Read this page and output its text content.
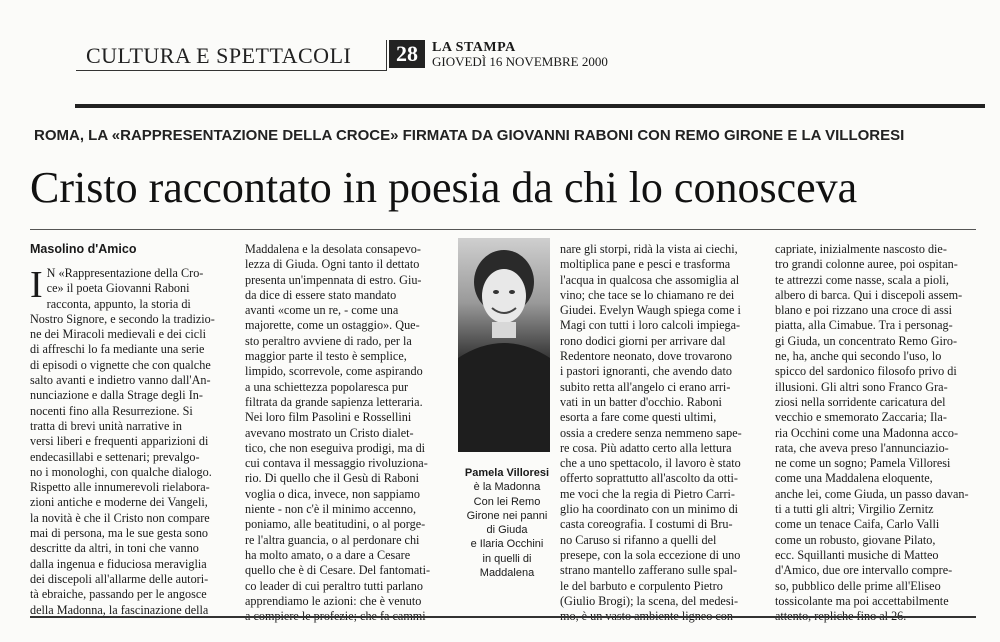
CULTURA E SPETTACOLI	28	LA STAMPA
GIOVEDÌ 16 NOVEMBRE 2000
ROMA, LA «RAPPRESENTAZIONE DELLA CROCE» FIRMATA DA GIOVANNI RABONI CON REMO GIRONE E LA VILLORESI
Cristo raccontato in poesia da chi lo conosceva
Masolino d'Amico
I N «Rappresentazione della Cro-

ce» il poeta Giovanni Raboni

racconta, appunto, la storia di

Nostro Signore, e secondo la tradizio-

ne dei Miracoli medievali e dei cicli

di affreschi lo fa mediante una serie

di episodi o vignette che con qualche

salto avanti e indietro vanno dall'An-

nunciazione e dalla Strage degli In-

nocenti fino alla Resurrezione. Si

tratta di brevi unità narrative in

versi liberi e frequenti apparizioni di

endecasillabi e settenari; prevalgo-

no i monologhi, con qualche dialogo.

Rispetto alle innumerevoli rielabora-

zioni antiche e moderne dei Vangeli,

la novità è che il Cristo non compare

mai di persona, ma le sue gesta sono

descritte da altri, in toni che vanno

dalla ingenua e fiduciosa meraviglia

dei discepoli all'allarme delle autori-

tà ebraiche, passando per le angosce

della Madonna, la fascinazione della

Maddalena e la desolata consapevo-

lezza di Giuda. Ogni tanto il dettato

presenta un'impennata di estro. Giu-

da dice di essere stato mandato

avanti «come un re, - come una

majorette, come un ostaggio». Que-

sto peraltro avviene di rado, per la

maggior parte il testo è semplice,

limpido, scorrevole, come aspirando

a una schiettezza popolaresca pur

filtrata da grande sapienza letteraria.

Nei loro film Pasolini e Rossellini

avevano mostrato un Cristo dialet-

tico, che non eseguiva prodigi, ma di

cui contava il messaggio rivoluziona-

rio. Di quello che il Gesù di Raboni

voglia o dica, invece, non sappiamo

niente - non c'è il minimo accenno,

poniamo, alle beatitudini, o al porge-

re l'altra guancia, o al perdonare chi

ha molto amato, o a dare a Cesare

quello che è di Cesare. Del fantomati-

co leader di cui peraltro tutti parlano

apprendiamo le azioni: che è venuto

a compiere le profezie; che fa cammi-

Pamela Villoresi
è la Madonna
Con lei Remo
Girone nei panni
di Giuda
e Ilaria Occhini
in quelli di
Maddalena

nare gli storpi, ridà la vista ai ciechi,

moltiplica pane e pesci e trasforma

l'acqua in qualcosa che assomiglia al

vino; che tace se lo chiamano re dei

Giudei. Evelyn Waugh spiega come i

Magi con tutti i loro calcoli impiega-

rono dodici giorni per arrivare dal

Redentore neonato, dove trovarono

i pastori ignoranti, che avendo dato

subito retta all'angelo ci erano arri-

vati in un batter d'occhio. Raboni

esorta a fare come questi ultimi,

ossia a credere senza nemmeno sape-

re cosa. Più adatto certo alla lettura

che a uno spettacolo, il lavoro è stato

offerto soprattutto all'ascolto da otti-

me voci che la regia di Pietro Carri-

glio ha coordinato con un minimo di

casta coreografia. I costumi di Bru-

no Caruso si rifanno a quelli del

presepe, con la sola eccezione di uno

strano mantello zafferano sulle spal-

le del barbuto e corpulento Pietro

(Giulio Brogi); la scena, del medesi-

mo, è un vasto ambiente ligneo con

capriate, inizialmente nascosto die-

tro grandi colonne auree, poi ospitan-

te attrezzi come nasse, scala a pioli,

albero di barca. Qui i discepoli assem-

blano e poi rizzano una croce di assi

piatta, alla Cimabue. Tra i personag-

gi Giuda, un concentrato Remo Giro-

ne, ha, anche qui secondo l'uso, lo

spicco del sardonico filosofo privo di

illusioni. Gli altri sono Franco Gra-

ziosi nella sorridente caricatura del

vecchio e smemorato Zaccaria; Ila-

ria Occhini come una Madonna acco-

rata, che aveva preso l'annunciazio-

ne come un sogno; Pamela Villoresi

come una Maddalena eloquente,

anche lei, come Giuda, un passo davan-

ti a tutti gli altri; Virgilio Zernitz

come un tenace Caifa, Carlo Valli

come un robusto, giovane Pilato,

ecc. Squillanti musiche di Matteo

d'Amico, due ore intervallo compre-

so, pubblico delle prime all'Eliseo

tossicolante ma poi accettabilmente

attento, repliche fino al 26.
